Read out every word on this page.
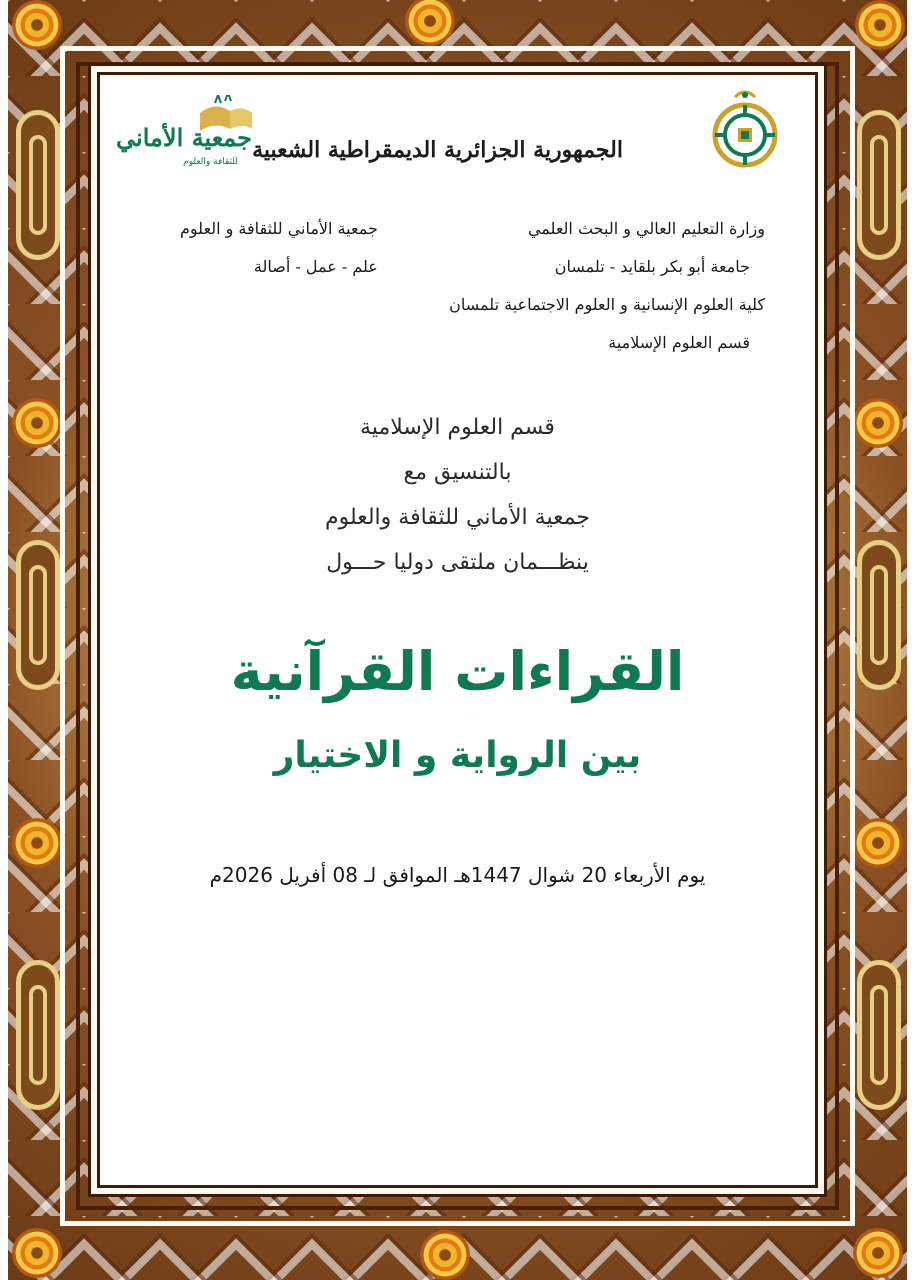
جمعية الأماني
للثقافة والعلوم الجمهورية الجزائرية الديمقراطية الشعبية
وزارة التعليم العالي و البحث العلمي
جامعة أبو بكر بلقايد - تلمسان
كلية العلوم الإنسانية و العلوم الاجتماعية تلمسان
قسم العلوم الإسلامية
جمعية الأماني للثقافة و العلوم
علم - عمل - أصالة
قسم العلوم الإسلامية
بالتنسيق مع
جمعية الأماني للثقافة والعلوم
ينظـــمان ملتقى دوليا حـــول
القراءات القرآنية
بين الرواية و الاختيار
يوم الأربعاء 20 شوال 1447هـ الموافق لـ 08 أفريل 2026م
